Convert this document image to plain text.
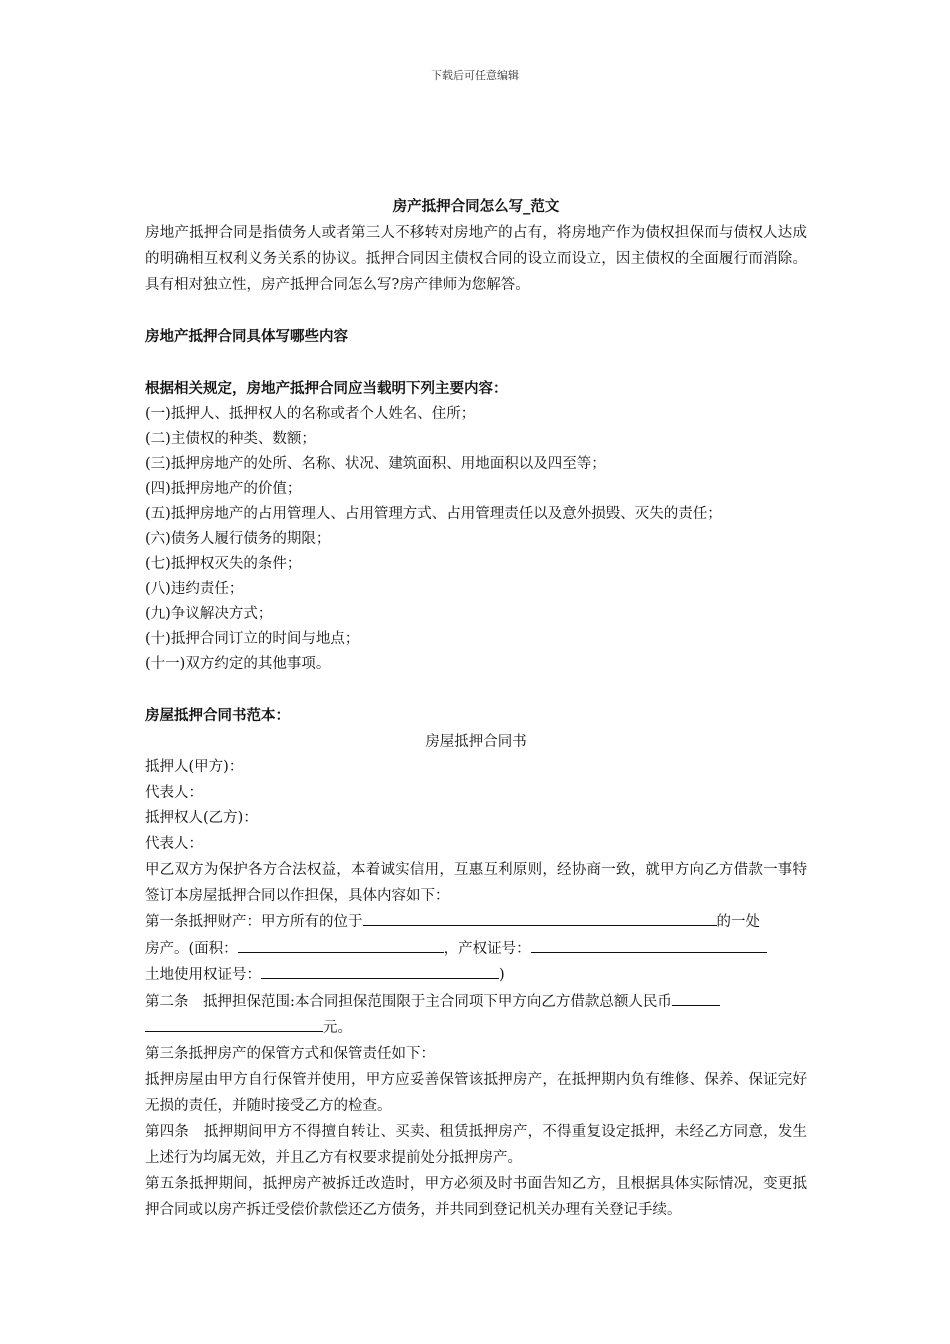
下载后可任意编辑

房产抵押合同怎么写_范文

房地产抵押合同是指债务人或者第三人不移转对房地产的占有，将房地产作为债权担保而与债权人达成的明确相互权利义务关系的协议。抵押合同因主债权合同的设立而设立，因主债权的全面履行而消除。具有相对独立性，房产抵押合同怎么写?房产律师为您解答。

房地产抵押合同具体写哪些内容

根据相关规定，房地产抵押合同应当载明下列主要内容：

(一)抵押人、抵押权人的名称或者个人姓名、住所；

(二)主债权的种类、数额；

(三)抵押房地产的处所、名称、状况、建筑面积、用地面积以及四至等；

(四)抵押房地产的价值；

(五)抵押房地产的占用管理人、占用管理方式、占用管理责任以及意外损毁、灭失的责任；

(六)债务人履行债务的期限；

(七)抵押权灭失的条件；

(八)违约责任；

(九)争议解决方式；

(十)抵押合同订立的时间与地点；

(十一)双方约定的其他事项。

房屋抵押合同书范本：

房屋抵押合同书

抵押人(甲方)：

代表人：

抵押权人(乙方)：

代表人：

甲乙双方为保护各方合法权益，本着诚实信用，互惠互利原则，经协商一致，就甲方向乙方借款一事特签订本房屋抵押合同以作担保，具体内容如下：

第一条抵押财产：甲方所有的位于	的一处

房产。(面积：	，产权证号：

土地使用权证号：	)

第二条　抵押担保范围:本合同担保范围限于主合同项下甲方向乙方借款总额人民币

元。

第三条抵押房产的保管方式和保管责任如下：

抵押房屋由甲方自行保管并使用，甲方应妥善保管该抵押房产，在抵押期内负有维修、保养、保证完好无损的责任，并随时接受乙方的检查。

第四条　抵押期间甲方不得擅自转让、买卖、租赁抵押房产，不得重复设定抵押，未经乙方同意，发生上述行为均属无效，并且乙方有权要求提前处分抵押房产。

第五条抵押期间，抵押房产被拆迁改造时，甲方必须及时书面告知乙方，且根据具体实际情况，变更抵押合同或以房产拆迁受偿价款偿还乙方债务，并共同到登记机关办理有关登记手续。
